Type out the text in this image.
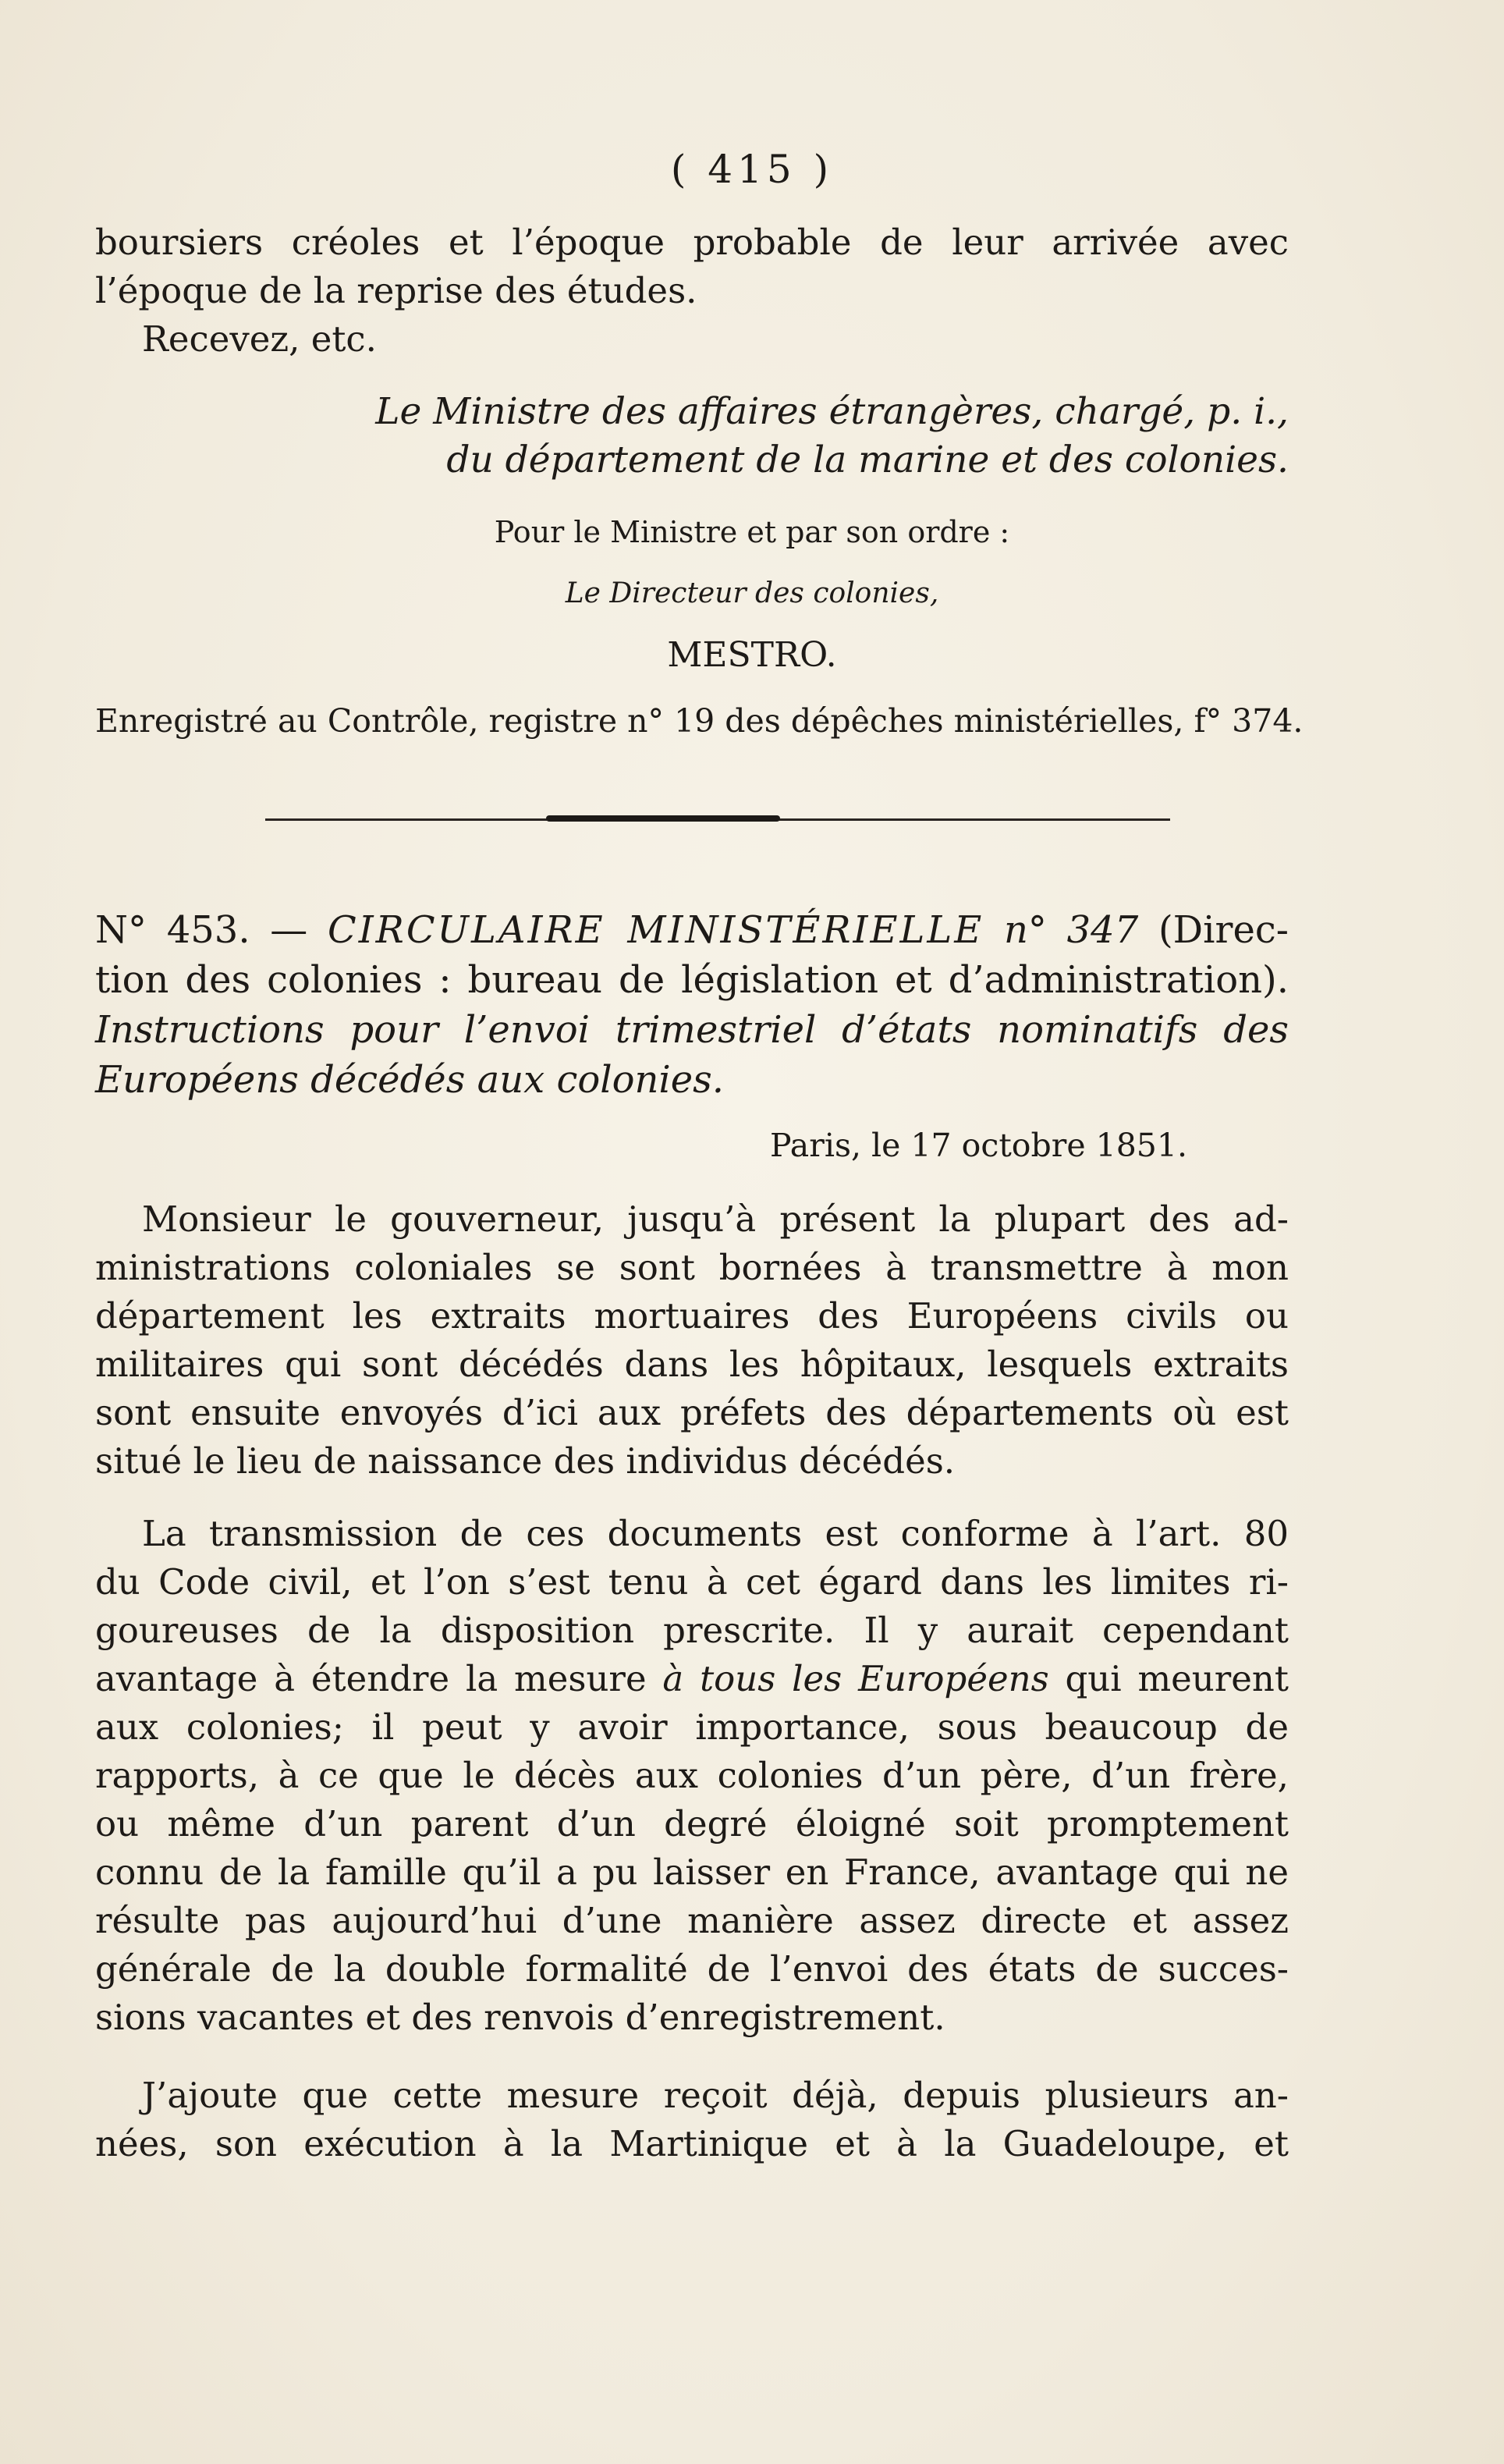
( 415 )
boursiers créoles et l’époque probable de leur arrivée avec
l’époque de la reprise des études.
Recevez, etc.
Le Ministre des affaires étrangères, chargé, p. i.,
du département de la marine et des colonies.
Pour le Ministre et par son ordre :
Le Directeur des colonies,
MESTRO.
Enregistré au Contrôle, registre n° 19 des dépêches ministérielles, f° 374.
N° 453. — CIRCULAIRE MINISTÉRIELLE n° 347 (Direc-
tion des colonies : bureau de législation et d’administration).
Instructions pour l’envoi trimestriel d’états nominatifs des
Européens décédés aux colonies.
Paris, le 17 octobre 1851.
Monsieur le gouverneur, jusqu’à présent la plupart des ad-
ministrations coloniales se sont bornées à transmettre à mon
département les extraits mortuaires des Européens civils ou
militaires qui sont décédés dans les hôpitaux, lesquels extraits
sont ensuite envoyés d’ici aux préfets des départements où est
situé le lieu de naissance des individus décédés.
La transmission de ces documents est conforme à l’art. 80
du Code civil, et l’on s’est tenu à cet égard dans les limites ri-
goureuses de la disposition prescrite. Il y aurait cependant
avantage à étendre la mesure à tous les Européens qui meurent
aux colonies; il peut y avoir importance, sous beaucoup de
rapports, à ce que le décès aux colonies d’un père, d’un frère,
ou même d’un parent d’un degré éloigné soit promptement
connu de la famille qu’il a pu laisser en France, avantage qui ne
résulte pas aujourd’hui d’une manière assez directe et assez
générale de la double formalité de l’envoi des états de succes-
sions vacantes et des renvois d’enregistrement.
J’ajoute que cette mesure reçoit déjà, depuis plusieurs an-
nées, son exécution à la Martinique et à la Guadeloupe, et
